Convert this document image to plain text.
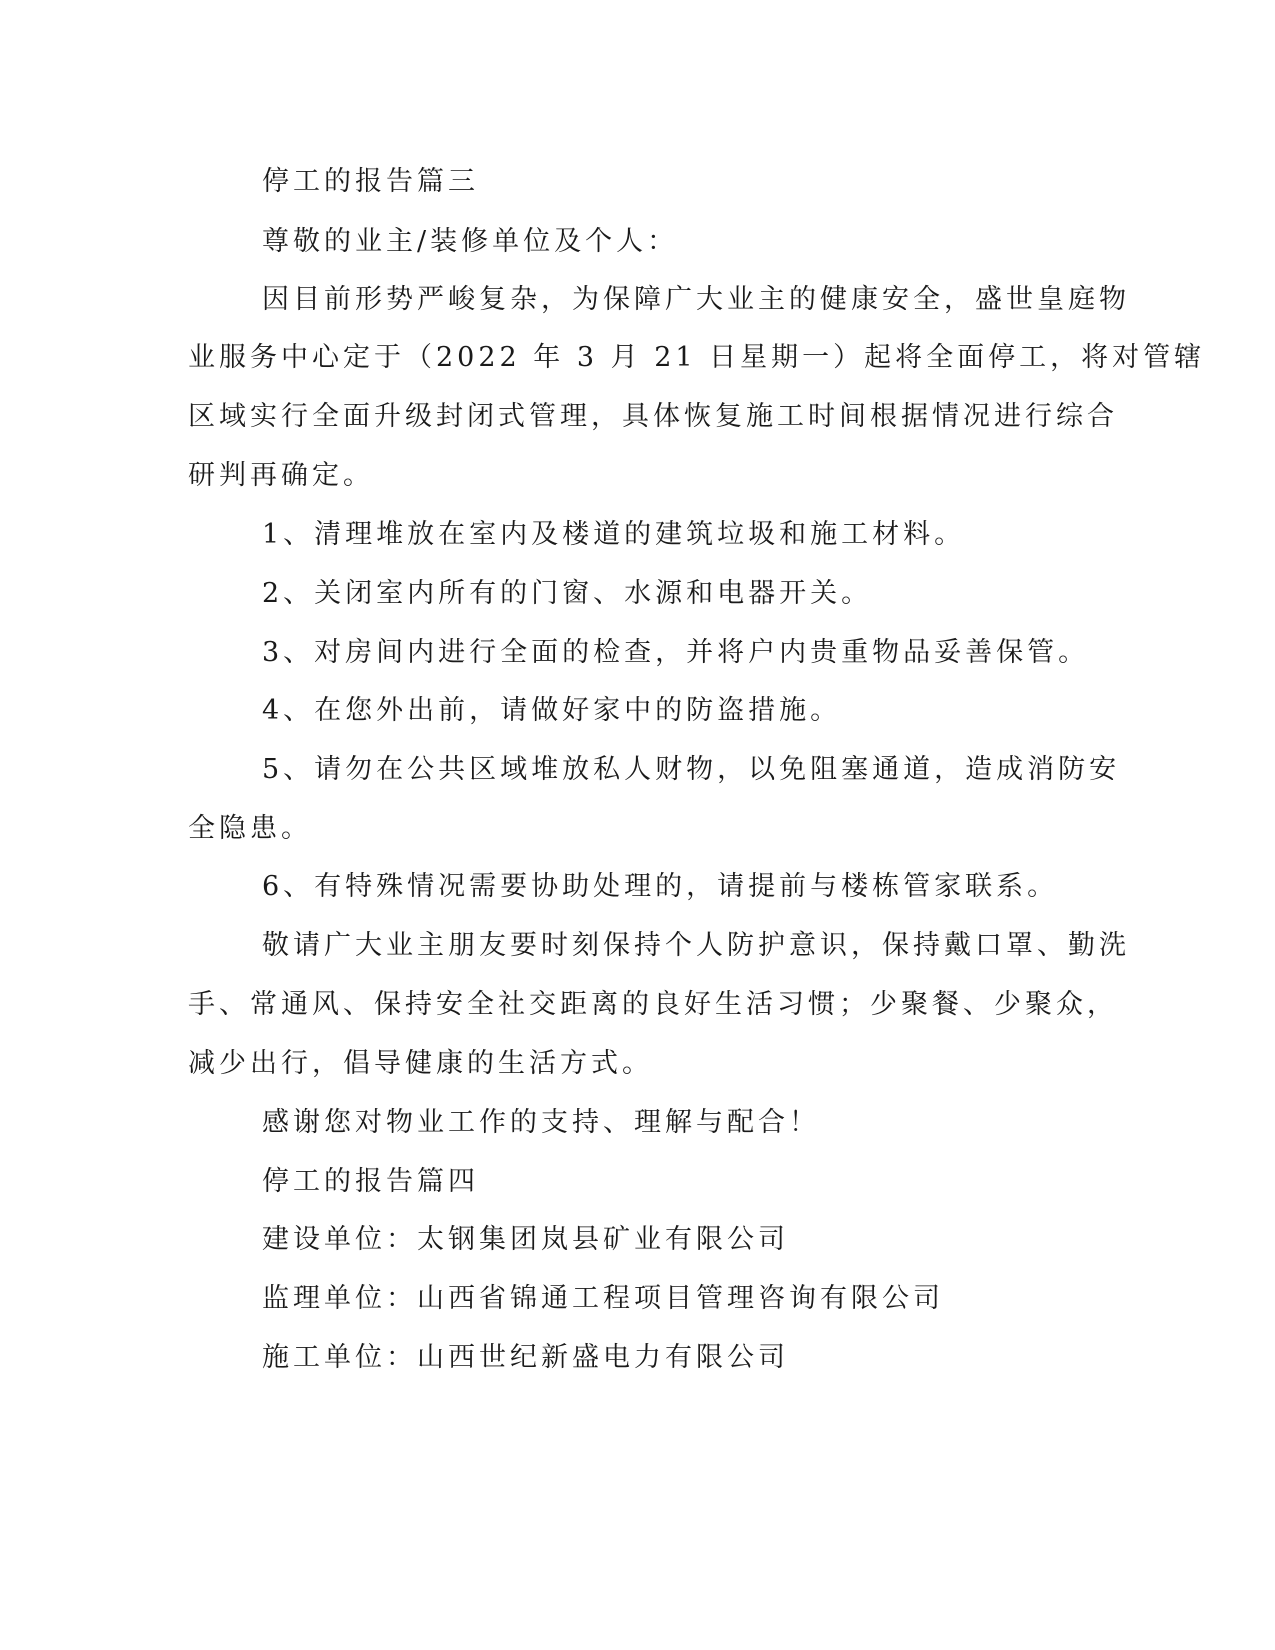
停工的报告篇三
尊敬的业主/装修单位及个人：
因目前形势严峻复杂，为保障广大业主的健康安全，盛世皇庭物
业服务中心定于（2022 年 3 月 21 日星期一）起将全面停工，将对管辖
区域实行全面升级封闭式管理，具体恢复施工时间根据情况进行综合
研判再确定。
1、清理堆放在室内及楼道的建筑垃圾和施工材料。
2、关闭室内所有的门窗、水源和电器开关。
3、对房间内进行全面的检查，并将户内贵重物品妥善保管。
4、在您外出前，请做好家中的防盗措施。
5、请勿在公共区域堆放私人财物，以免阻塞通道，造成消防安
全隐患。
6、有特殊情况需要协助处理的，请提前与楼栋管家联系。
敬请广大业主朋友要时刻保持个人防护意识，保持戴口罩、勤洗
手、常通风、保持安全社交距离的良好生活习惯；少聚餐、少聚众，
减少出行，倡导健康的生活方式。
感谢您对物业工作的支持、理解与配合！
停工的报告篇四
建设单位：太钢集团岚县矿业有限公司
监理单位：山西省锦通工程项目管理咨询有限公司
施工单位：山西世纪新盛电力有限公司
